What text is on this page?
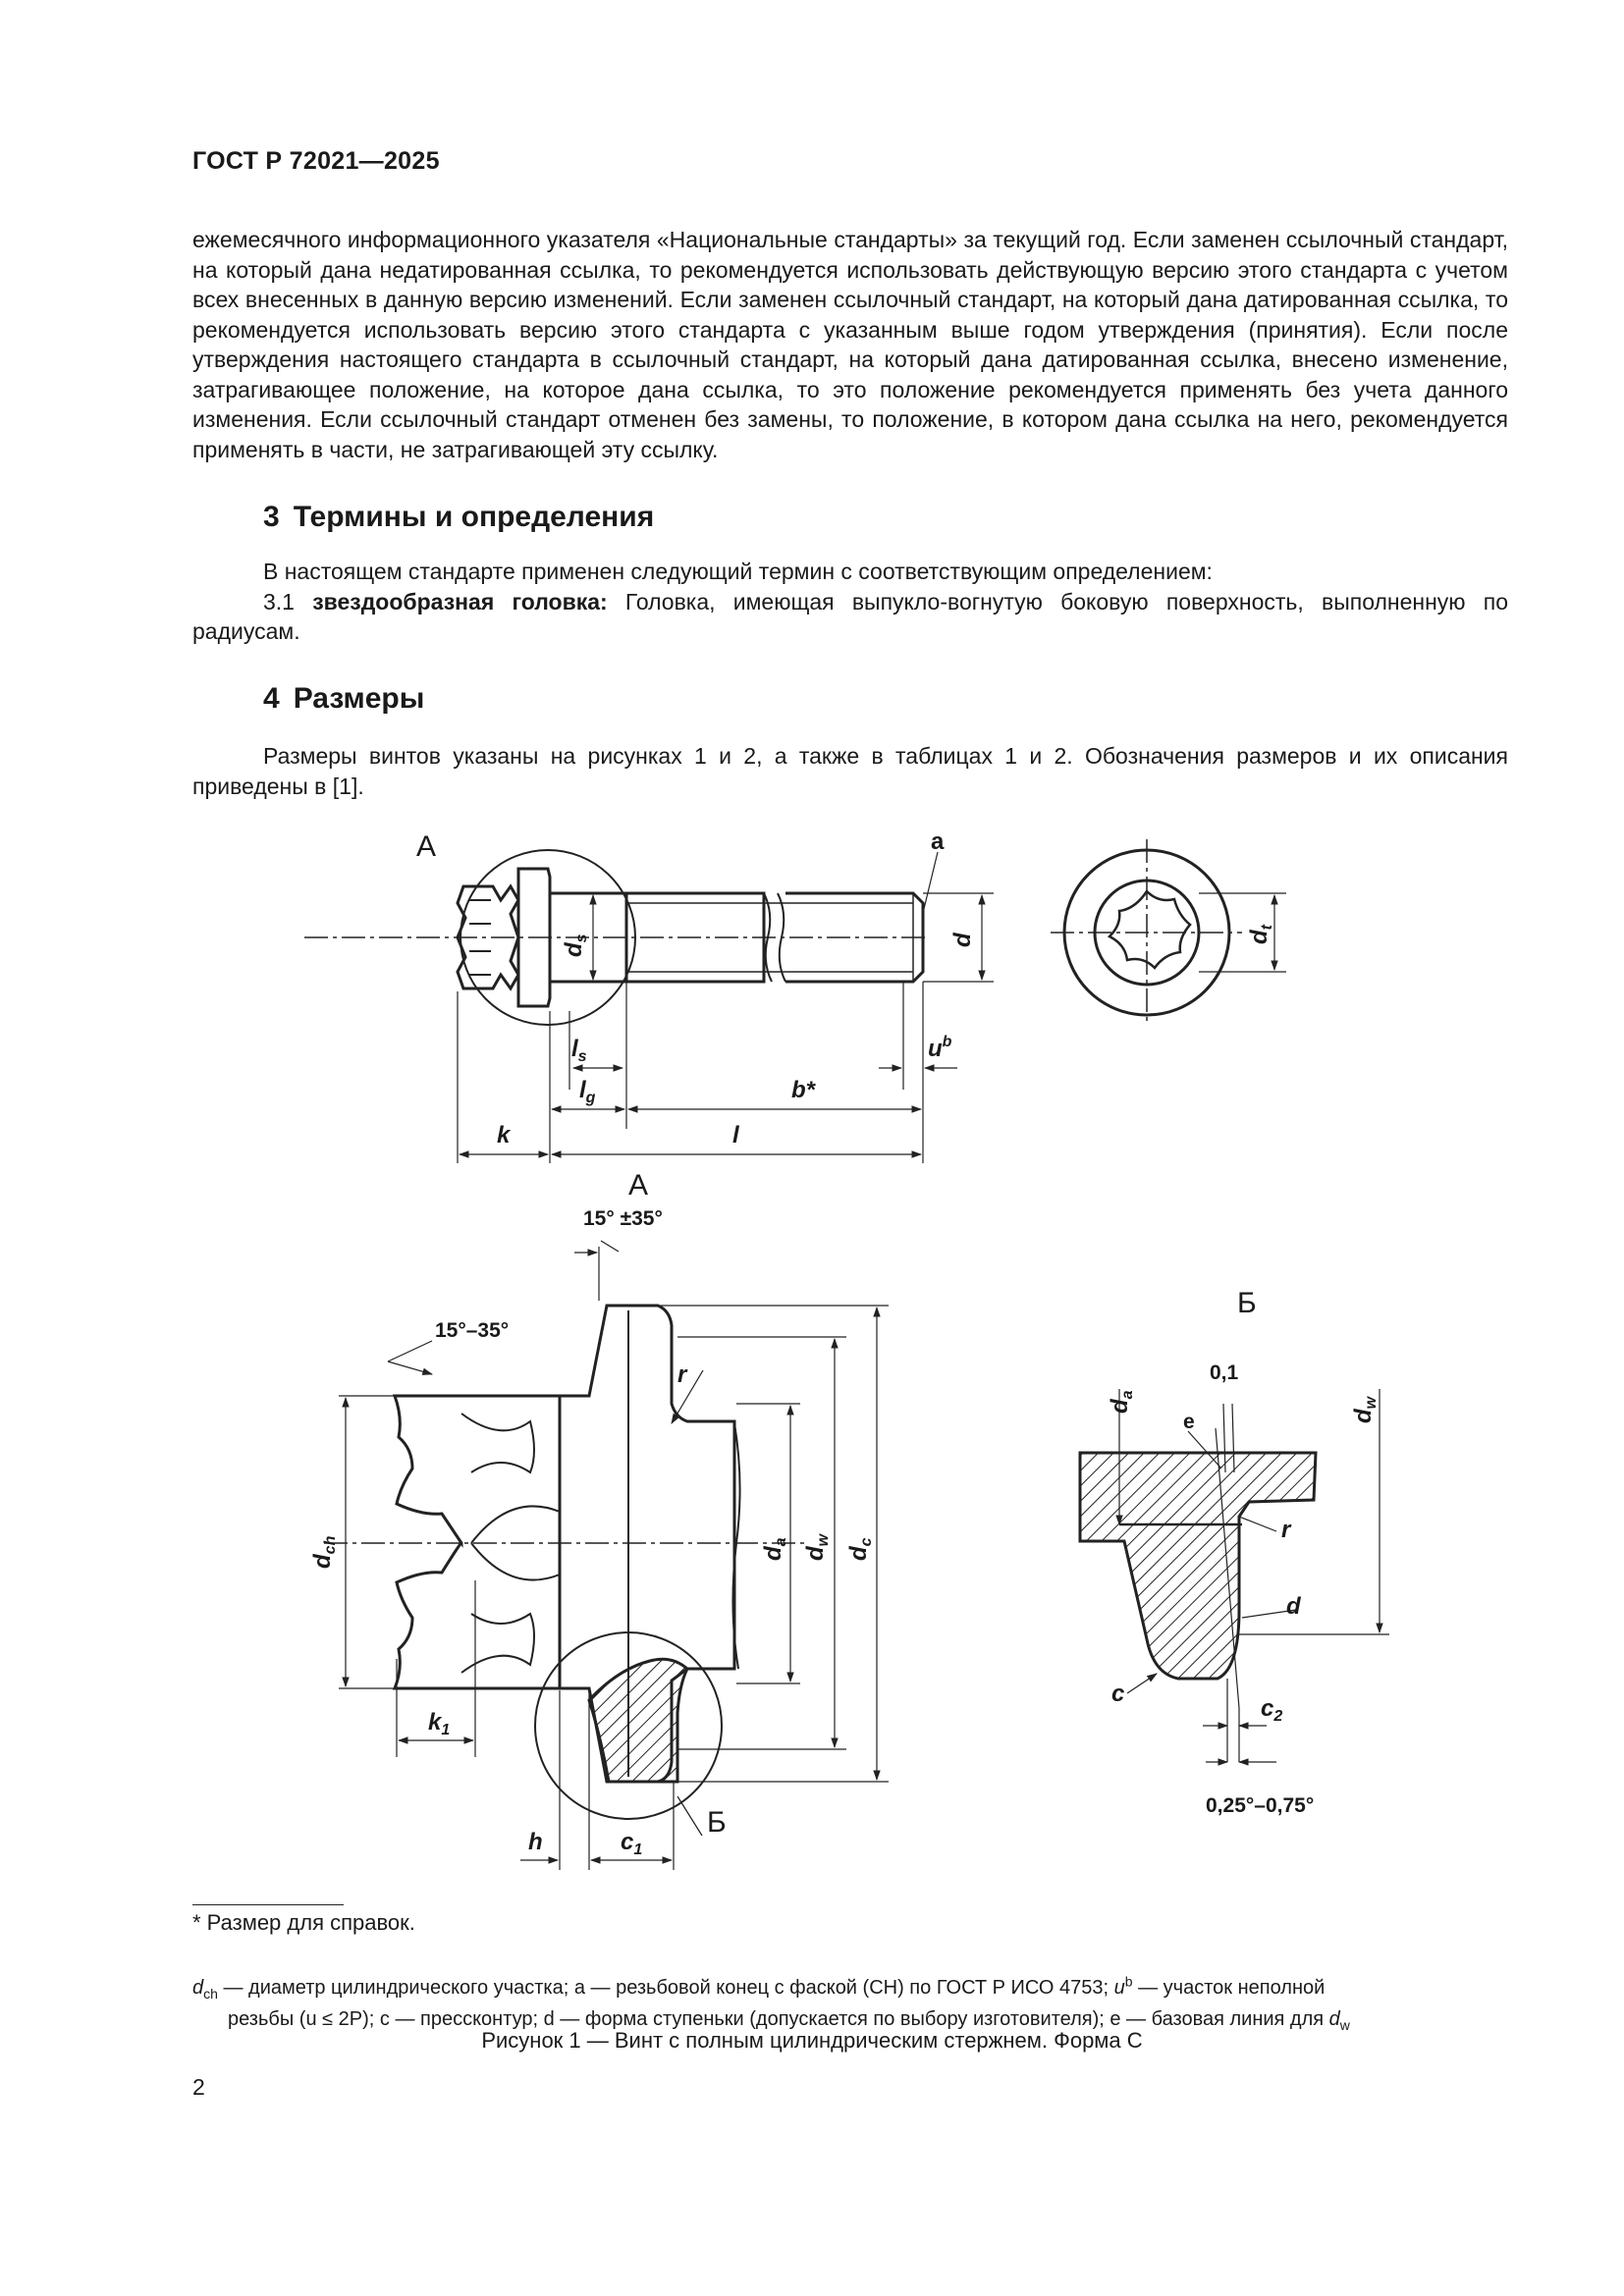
ГОСТ Р 72021—2025
ежемесячного информационного указателя «Национальные стандарты» за текущий год. Если заменен ссылочный стандарт, на который дана недатированная ссылка, то рекомендуется использовать действующую версию этого стандарта с учетом всех внесенных в данную версию изменений. Если заменен ссылочный стандарт, на который дана датированная ссылка, то рекомендуется использовать версию этого стандарта с указанным выше годом утверждения (принятия). Если после утверждения настоящего стандарта в ссылочный стандарт, на который дана датированная ссылка, внесено изменение, затрагивающее положение, на которое дана ссылка, то это положение рекомендуется применять без учета данного изменения. Если ссылочный стандарт отменен без замены, то положение, в котором дана ссылка на него, рекомендуется применять в части, не затрагивающей эту ссылку.
3 Термины и определения
В настоящем стандарте применен следующий термин с соответствующим определением:
3.1 звездообразная головка: Головка, имеющая выпукло-вогнутую боковую поверхность, выполненную по радиусам.
4 Размеры
Размеры винтов указаны на рисунках 1 и 2, а также в таблицах 1 и 2. Обозначения размеров и их описания приведены в [1].
А	a
d
$d_s$	$d_t$
$l_s$
$l_g$	b*
$u^b$
k	l
А
15° ±35°
15°–35°
r
$d_{ch}$	$d_a$
$d_w$
$d_c$
$k_1$
h	$c_1$
Б
Б
0,1
$d_a$
$d_w$
e
r
d
c
$c_2$
0,25°–0,75°
* Размер для справок.
$d_{ch}$ — диаметр цилиндрического участка; а — резьбовой конец с фаской (СН) по ГОСТ Р ИСО 4753; $u^b$ — участок неполной
резьбы (u ≤ 2P); c — прессконтур; d — форма ступеньки (допускается по выбору изготовителя); е — базовая линия для $d_w$
Рисунок 1 — Винт с полным цилиндрическим стержнем. Форма С
2
